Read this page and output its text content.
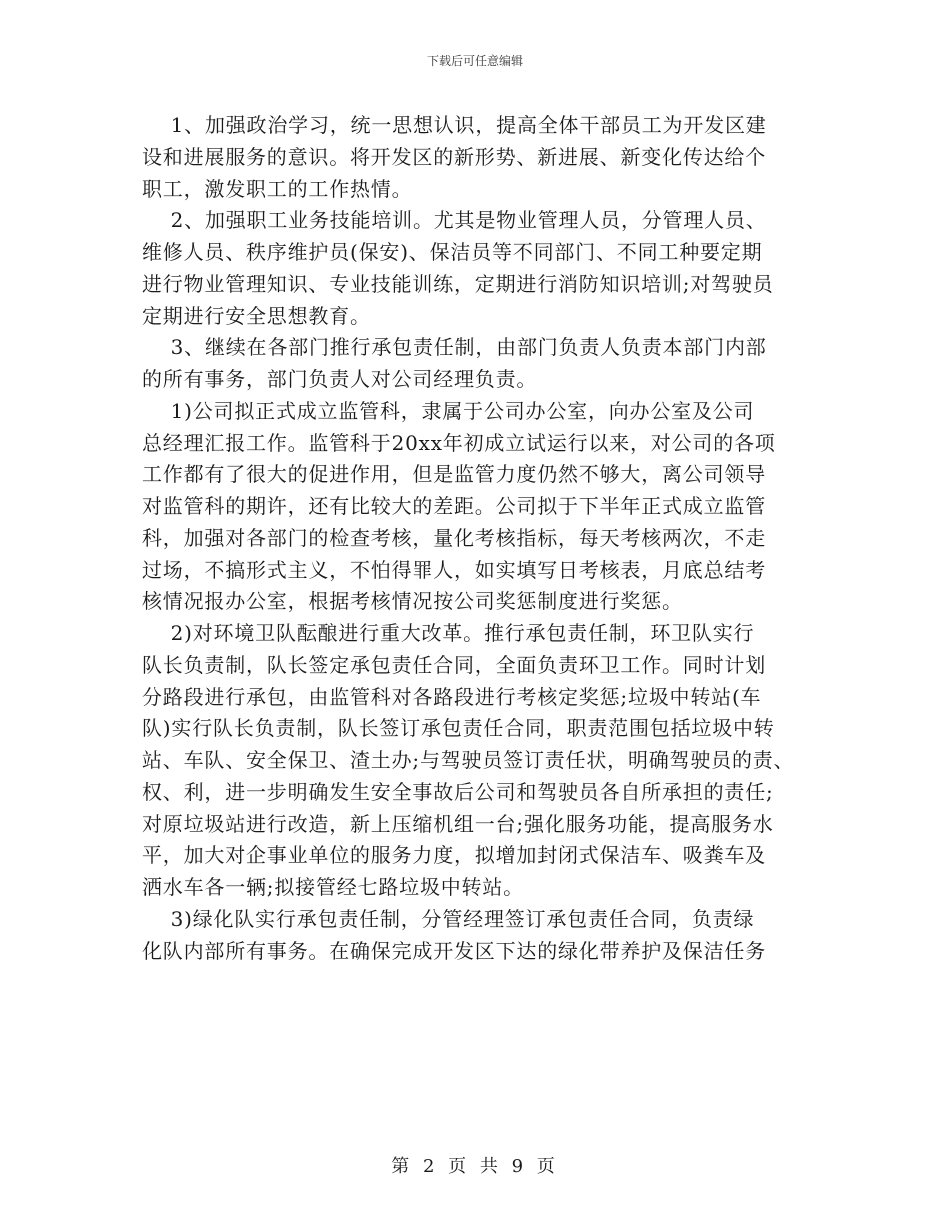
下载后可任意编辑
1、加强政治学习，统一思想认识，提高全体干部员工为开发区建
设和进展服务的意识。将开发区的新形势、新进展、新变化传达给个
职工，激发职工的工作热情。
2、加强职工业务技能培训。尤其是物业管理人员，分管理人员、
维修人员、秩序维护员(保安)、保洁员等不同部门、不同工种要定期
进行物业管理知识、专业技能训练，定期进行消防知识培训;对驾驶员
定期进行安全思想教育。
3、继续在各部门推行承包责任制，由部门负责人负责本部门内部
的所有事务，部门负责人对公司经理负责。
1)公司拟正式成立监管科，隶属于公司办公室，向办公室及公司
总经理汇报工作。监管科于20xx年初成立试运行以来，对公司的各项
工作都有了很大的促进作用，但是监管力度仍然不够大，离公司领导
对监管科的期许，还有比较大的差距。公司拟于下半年正式成立监管
科，加强对各部门的检查考核，量化考核指标，每天考核两次，不走
过场，不搞形式主义，不怕得罪人，如实填写日考核表，月底总结考
核情况报办公室，根据考核情况按公司奖惩制度进行奖惩。
2)对环境卫队酝酿进行重大改革。推行承包责任制，环卫队实行
队长负责制，队长签定承包责任合同，全面负责环卫工作。同时计划
分路段进行承包，由监管科对各路段进行考核定奖惩;垃圾中转站(车
队)实行队长负责制，队长签订承包责任合同，职责范围包括垃圾中转
站、车队、安全保卫、渣土办;与驾驶员签订责任状，明确驾驶员的责、
权、利，进一步明确发生安全事故后公司和驾驶员各自所承担的责任;
对原垃圾站进行改造，新上压缩机组一台;强化服务功能，提高服务水
平，加大对企事业单位的服务力度，拟增加封闭式保洁车、吸粪车及
洒水车各一辆;拟接管经七路垃圾中转站。
3)绿化队实行承包责任制，分管经理签订承包责任合同，负责绿
化队内部所有事务。在确保完成开发区下达的绿化带养护及保洁任务
第 2 页 共 9 页
